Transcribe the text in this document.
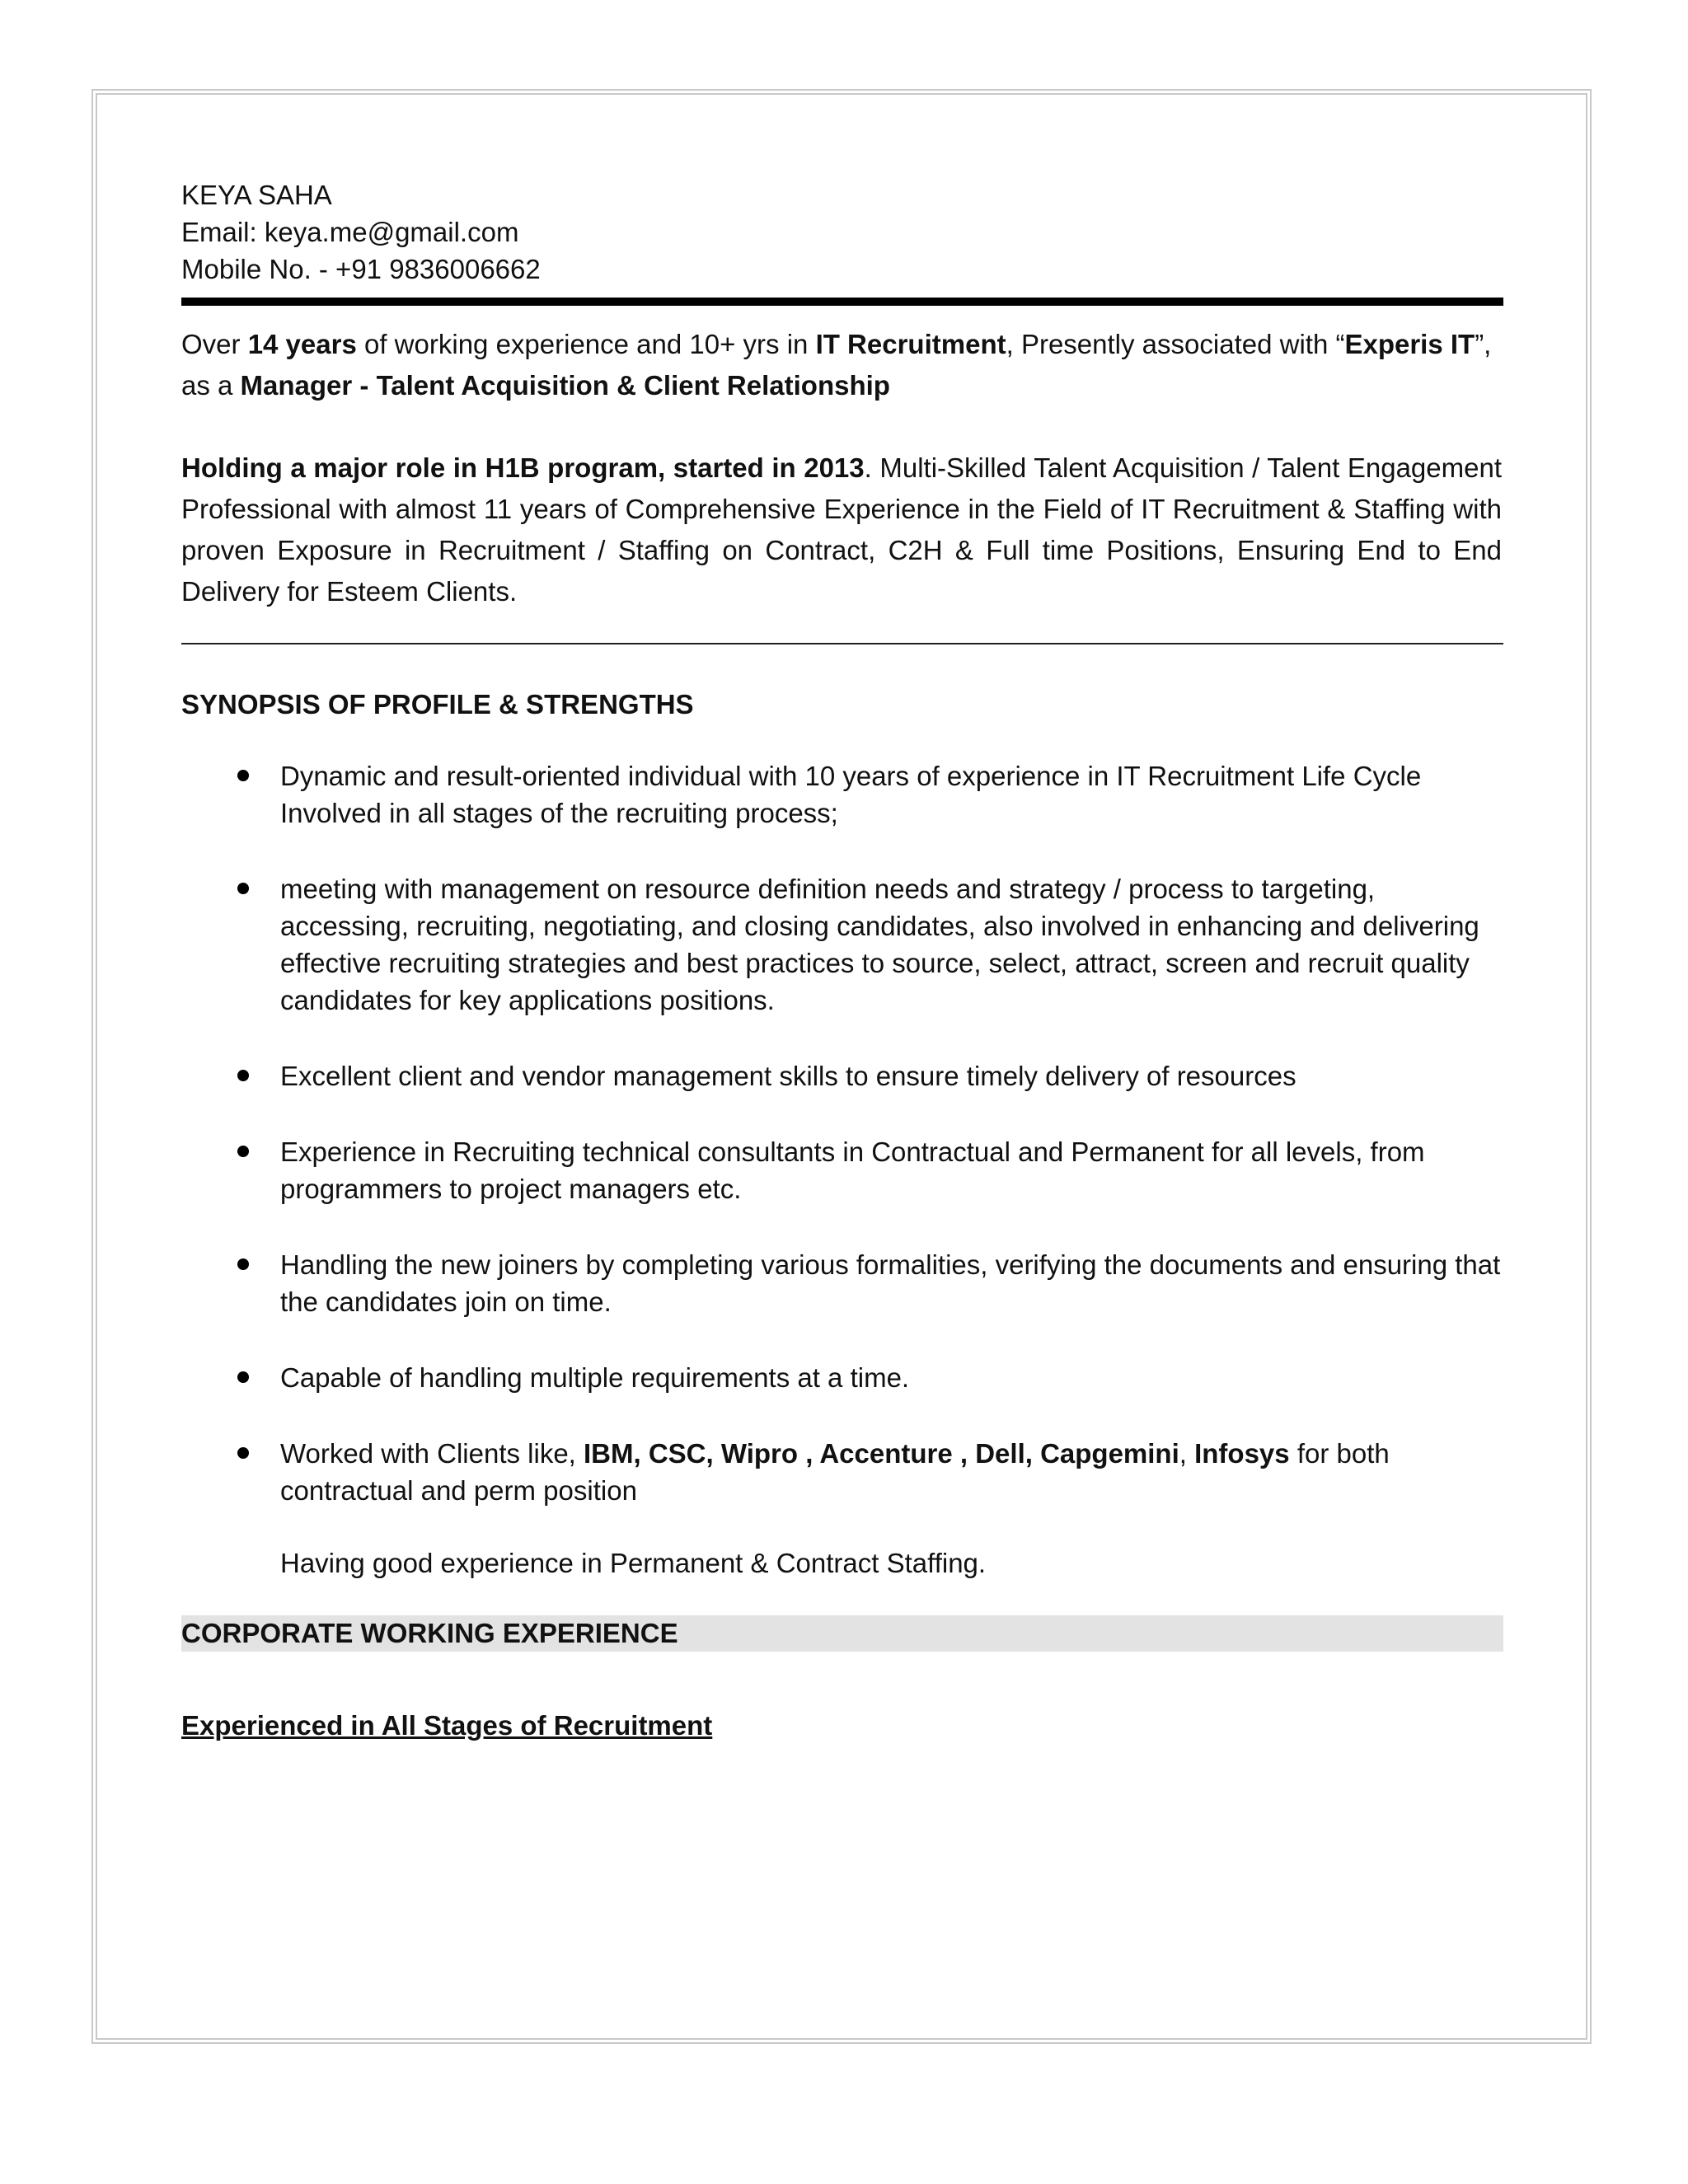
KEYA SAHA
Email: keya.me@gmail.com
Mobile No. - +91 9836006662
Over 14 years of working experience and 10+ yrs in IT Recruitment, Presently associated with “Experis IT”, as a Manager - Talent Acquisition & Client Relationship
Holding a major role in H1B program, started in 2013. Multi-Skilled Talent Acquisition / Talent Engagement Professional with almost 11 years of Comprehensive Experience in the Field of IT Recruitment & Staffing with proven Exposure in Recruitment / Staffing on Contract, C2H & Full time Positions, Ensuring End to End Delivery for Esteem Clients.
SYNOPSIS OF PROFILE & STRENGTHS
Dynamic and result-oriented individual with 10 years of experience in IT Recruitment Life Cycle Involved in all stages of the recruiting process;
meeting with management on resource definition needs and strategy / process to targeting, accessing, recruiting, negotiating, and closing candidates, also involved in enhancing and delivering effective recruiting strategies and best practices to source, select, attract, screen and recruit quality candidates for key applications positions.
Excellent client and vendor management skills to ensure timely delivery of resources
Experience in Recruiting technical consultants in Contractual and Permanent for all levels, from programmers to project managers etc.
Handling the new joiners by completing various formalities, verifying the documents and ensuring that the candidates join on time.
Capable of handling multiple requirements at a time.
Worked with Clients like, IBM, CSC, Wipro , Accenture , Dell, Capgemini, Infosys for both contractual and perm position
Having good experience in Permanent & Contract Staffing.
CORPORATE WORKING EXPERIENCE
Experienced in All Stages of Recruitment
